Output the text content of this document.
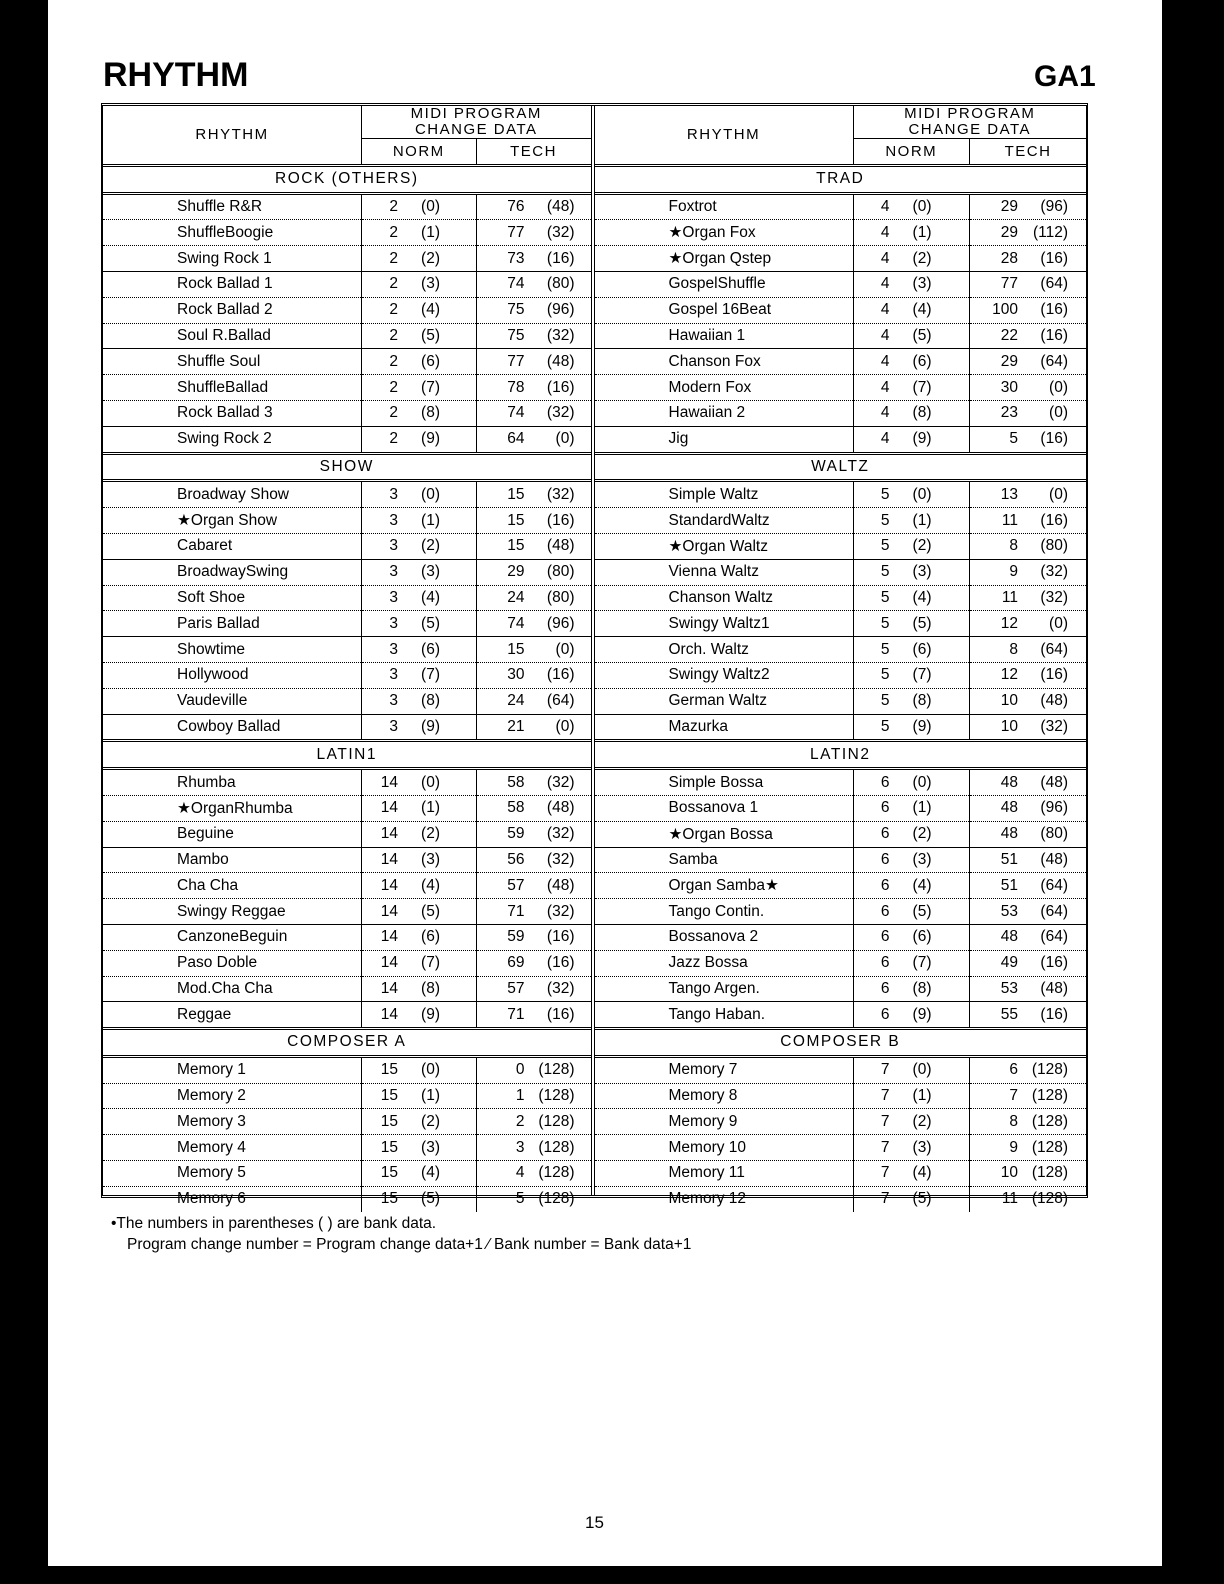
RHYTHM	GA1
RHYTHM	MIDI PROGRAM
CHANGE DATA	

	NORM	TECH
ROCK (OTHERS)		
Shuffle R&R	2 (0)	76 (48)
ShuffleBoogie	2 (1)	77 (32)
Swing Rock 1	2 (2)	73 (16)
Rock Ballad 1	2 (3)	74 (80)
Rock Ballad 2	2 (4)	75 (96)
Soul R.Ballad	2 (5)	75 (32)
Shuffle Soul	2 (6)	77 (48)
ShuffleBallad	2 (7)	78 (16)
Rock Ballad 3	2 (8)	74 (32)
Swing Rock 2	2 (9)	64 (0)
SHOW		
Broadway Show	3 (0)	15 (32)
★Organ Show	3 (1)	15 (16)
Cabaret	3 (2)	15 (48)
BroadwaySwing	3 (3)	29 (80)
Soft Shoe	3 (4)	24 (80)
Paris Ballad	3 (5)	74 (96)
Showtime	3 (6)	15 (0)
Hollywood	3 (7)	30 (16)
Vaudeville	3 (8)	24 (64)
Cowboy Ballad	3 (9)	21 (0)
LATIN1		
Rhumba	14 (0)	58 (32)
★OrganRhumba	14 (1)	58 (48)
Beguine	14 (2)	59 (32)
Mambo	14 (3)	56 (32)
Cha Cha	14 (4)	57 (48)
Swingy Reggae	14 (5)	71 (32)
CanzoneBeguin	14 (6)	59 (16)
Paso Doble	14 (7)	69 (16)
Mod.Cha Cha	14 (8)	57 (32)
Reggae	14 (9)	71 (16)
COMPOSER A		
Memory 1	15 (0)	0 (128)
Memory 2	15 (1)	1 (128)
Memory 3	15 (2)	2 (128)
Memory 4	15 (3)	3 (128)
Memory 5	15 (4)	4 (128)
Memory 6	15 (5)	5 (128)
RHYTHM	MIDI PROGRAM
CHANGE DATA	

	NORM	TECH
TRAD		
Foxtrot	4 (0)	29 (96)
★Organ Fox	4 (1)	29 (112)
★Organ Qstep	4 (2)	28 (16)
GospelShuffle	4 (3)	77 (64)
Gospel 16Beat	4 (4)	100 (16)
Hawaiian 1	4 (5)	22 (16)
Chanson Fox	4 (6)	29 (64)
Modern Fox	4 (7)	30 (0)
Hawaiian 2	4 (8)	23 (0)
Jig	4 (9)	5 (16)
WALTZ		
Simple Waltz	5 (0)	13 (0)
StandardWaltz	5 (1)	11 (16)
★Organ Waltz	5 (2)	8 (80)
Vienna Waltz	5 (3)	9 (32)
Chanson Waltz	5 (4)	11 (32)
Swingy Waltz1	5 (5)	12 (0)
Orch. Waltz	5 (6)	8 (64)
Swingy Waltz2	5 (7)	12 (16)
German Waltz	5 (8)	10 (48)
Mazurka	5 (9)	10 (32)
LATIN2		
Simple Bossa	6 (0)	48 (48)
Bossanova 1	6 (1)	48 (96)
★Organ Bossa	6 (2)	48 (80)
Samba	6 (3)	51 (48)
Organ Samba★	6 (4)	51 (64)
Tango Contin.	6 (5)	53 (64)
Bossanova 2	6 (6)	48 (64)
Jazz Bossa	6 (7)	49 (16)
Tango Argen.	6 (8)	53 (48)
Tango Haban.	6 (9)	55 (16)
COMPOSER B		
Memory 7	7 (0)	6 (128)
Memory 8	7 (1)	7 (128)
Memory 9	7 (2)	8 (128)
Memory 10	7 (3)	9 (128)
Memory 11	7 (4)	10 (128)
Memory 12	7 (5)	11 (128)
•The numbers in parentheses ( ) are bank data.
Program change number = Program change data+1 ⁄ Bank number = Bank data+1
15
